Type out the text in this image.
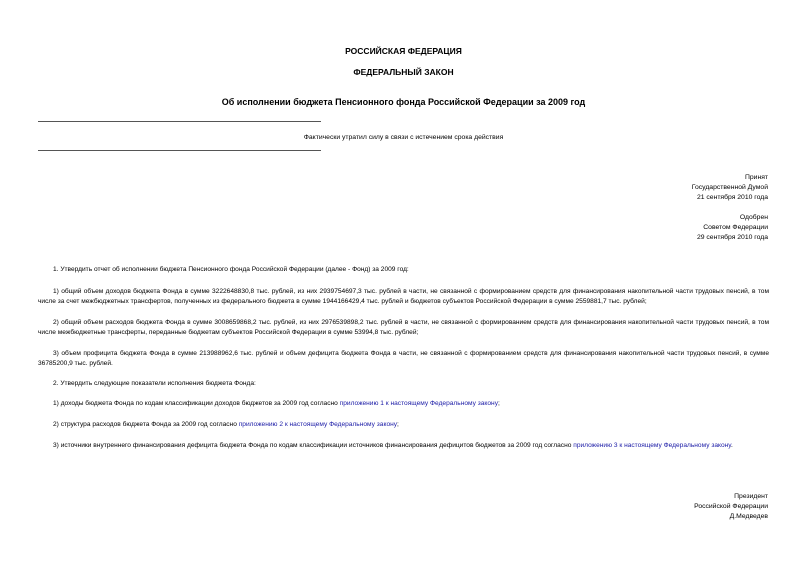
РОССИЙСКАЯ ФЕДЕРАЦИЯ
ФЕДЕРАЛЬНЫЙ ЗАКОН
Об исполнении бюджета Пенсионного фонда Российской Федерации за 2009 год
Фактически утратил силу в связи с истечением срока действия
Принят
Государственной Думой
21 сентября 2010 года
Одобрен
Советом Федерации
29 сентября 2010 года
1. Утвердить отчет об исполнении бюджета Пенсионного фонда Российской Федерации (далее - Фонд) за 2009 год:
1) общий объем доходов бюджета Фонда в сумме 3222648830,8 тыс. рублей, из них 2939754697,3 тыс. рублей в части, не связанной с формированием средств для финансирования накопительной части трудовых пенсий, в том числе за счет межбюджетных трансфертов, полученных из федерального бюджета в сумме 1944166429,4 тыс. рублей и бюджетов субъектов Российской Федерации в сумме 2559881,7 тыс. рублей;
2) общий объем расходов бюджета Фонда в сумме 3008659868,2 тыс. рублей, из них 2976539898,2 тыс. рублей в части, не связанной с формированием средств для финансирования накопительной части трудовых пенсий, в том числе межбюджетные трансферты, переданные бюджетам субъектов Российской Федерации в сумме 53994,8 тыс. рублей;
3) объем профицита бюджета Фонда в сумме 213988962,6 тыс. рублей и объем дефицита бюджета Фонда в части, не связанной с формированием средств для финансирования накопительной части трудовых пенсий, в сумме 36785200,9 тыс. рублей.
2. Утвердить следующие показатели исполнения бюджета Фонда:
1) доходы бюджета Фонда по кодам классификации доходов бюджетов за 2009 год согласно приложению 1 к настоящему Федеральному закону;
2) структура расходов бюджета Фонда за 2009 год согласно приложению 2 к настоящему Федеральному закону;
3) источники внутреннего финансирования дефицита бюджета Фонда по кодам классификации источников финансирования дефицитов бюджетов за 2009 год согласно приложению 3 к настоящему Федеральному закону.
Президент
Российской Федерации
Д.Медведев
